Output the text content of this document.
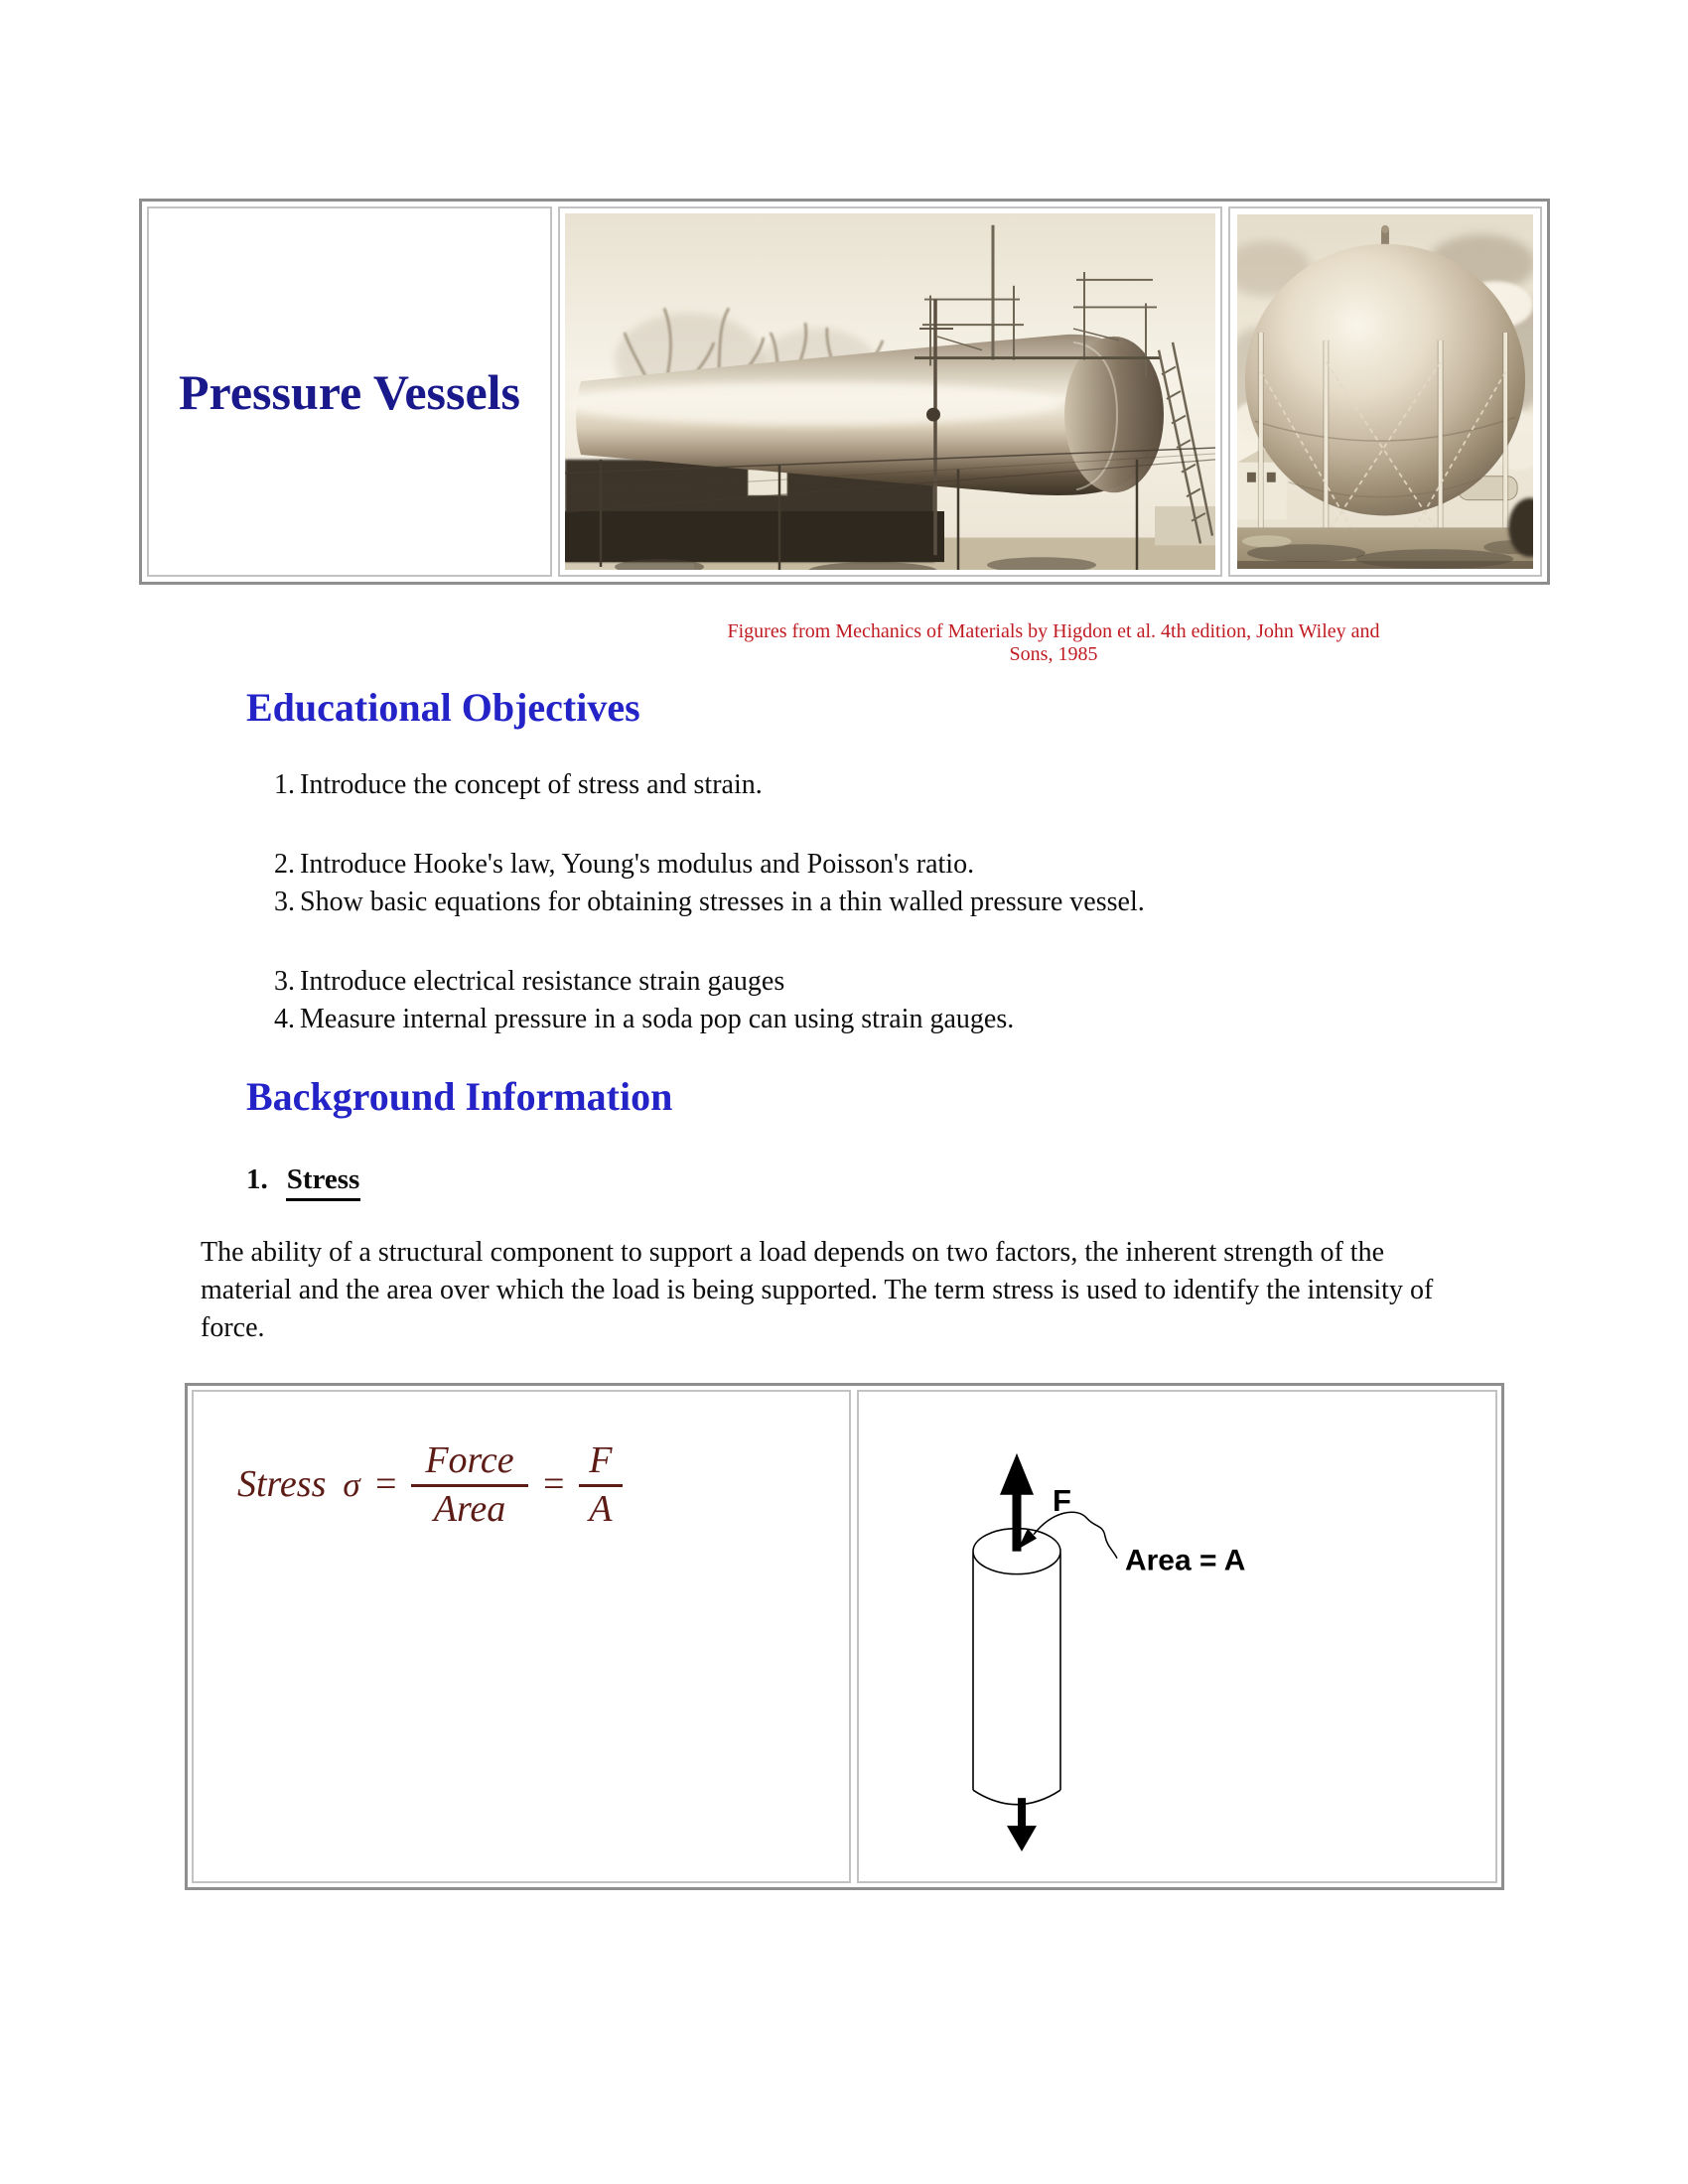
Pressure Vessels
Figures from Mechanics of Materials by Higdon et al. 4th edition, John Wiley and Sons, 1985
Educational Objectives
1. Introduce the concept of stress and strain.
2. Introduce Hooke's law, Young's modulus and Poisson's ratio.
3. Show basic equations for obtaining stresses in a thin walled pressure vessel.
3. Introduce electrical resistance strain gauges
4. Measure internal pressure in a soda pop can using strain gauges.
Background Information
1. Stress

The ability of a structural component to support a load depends on two factors, the inherent strength of the material and the area over which the load is being supported. The term stress is used to identify the intensity of force.

Stress $\sigma = \frac{\text{Force}}{\text{Area}} = \frac{F}{A}$	F
Area = A
